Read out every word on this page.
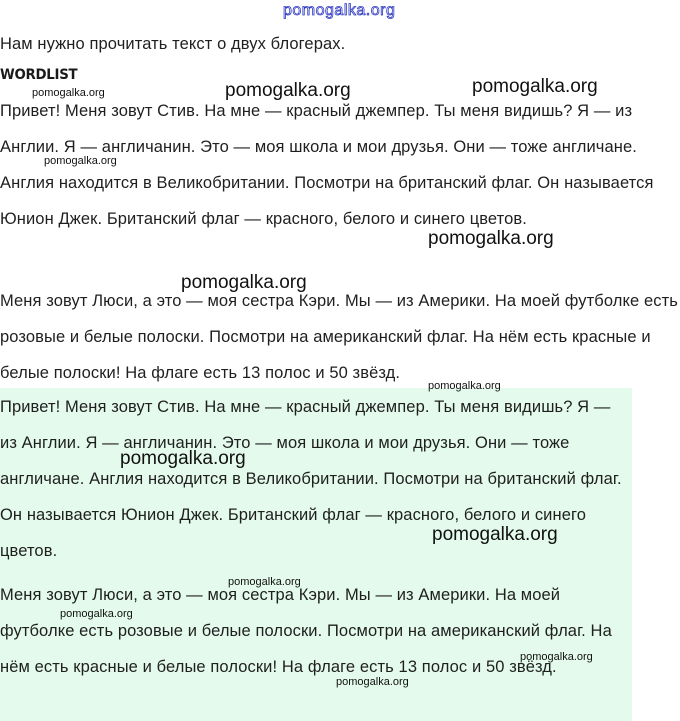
pomogalka.org

Нам нужно прочитать текст о двух блогерах.

WORDLIST

Привет! Меня зовут Стив. На мне — красный джемпер. Ты меня видишь? Я — из Англии. Я — англичанин. Это — моя школа и мои друзья. Они — тоже англичане. Англия находится в Великобритании. Посмотри на британский флаг. Он называется Юнион Джек. Британский флаг — красного, белого и синего цветов.

Меня зовут Люси, а это — моя сестра Кэри. Мы — из Америки. На моей футболке есть розовые и белые полоски. Посмотри на американский флаг. На нём есть красные и белые полоски! На флаге есть 13 полос и 50 звёзд.

Привет! Меня зовут Стив. На мне — красный джемпер. Ты меня видишь? Я — из Англии. Я — англичанин. Это — моя школа и мои друзья. Они — тоже англичане. Англия находится в Великобритании. Посмотри на британский флаг. Он называется Юнион Джек. Британский флаг — красного, белого и синего цветов.

Меня зовут Люси, а это — моя сестра Кэри. Мы — из Америки. На моей футболке есть розовые и белые полоски. Посмотри на американский флаг. На нём есть красные и белые полоски! На флаге есть 13 полос и 50 звёзд.

pomogalka.org	pomogalka.org	pomogalka.org
pomogalka.org
pomogalka.org
pomogalka.org
pomogalka.org
pomogalka.org
pomogalka.org
pomogalka.org
pomogalka.org
pomogalka.org
pomogalka.org
